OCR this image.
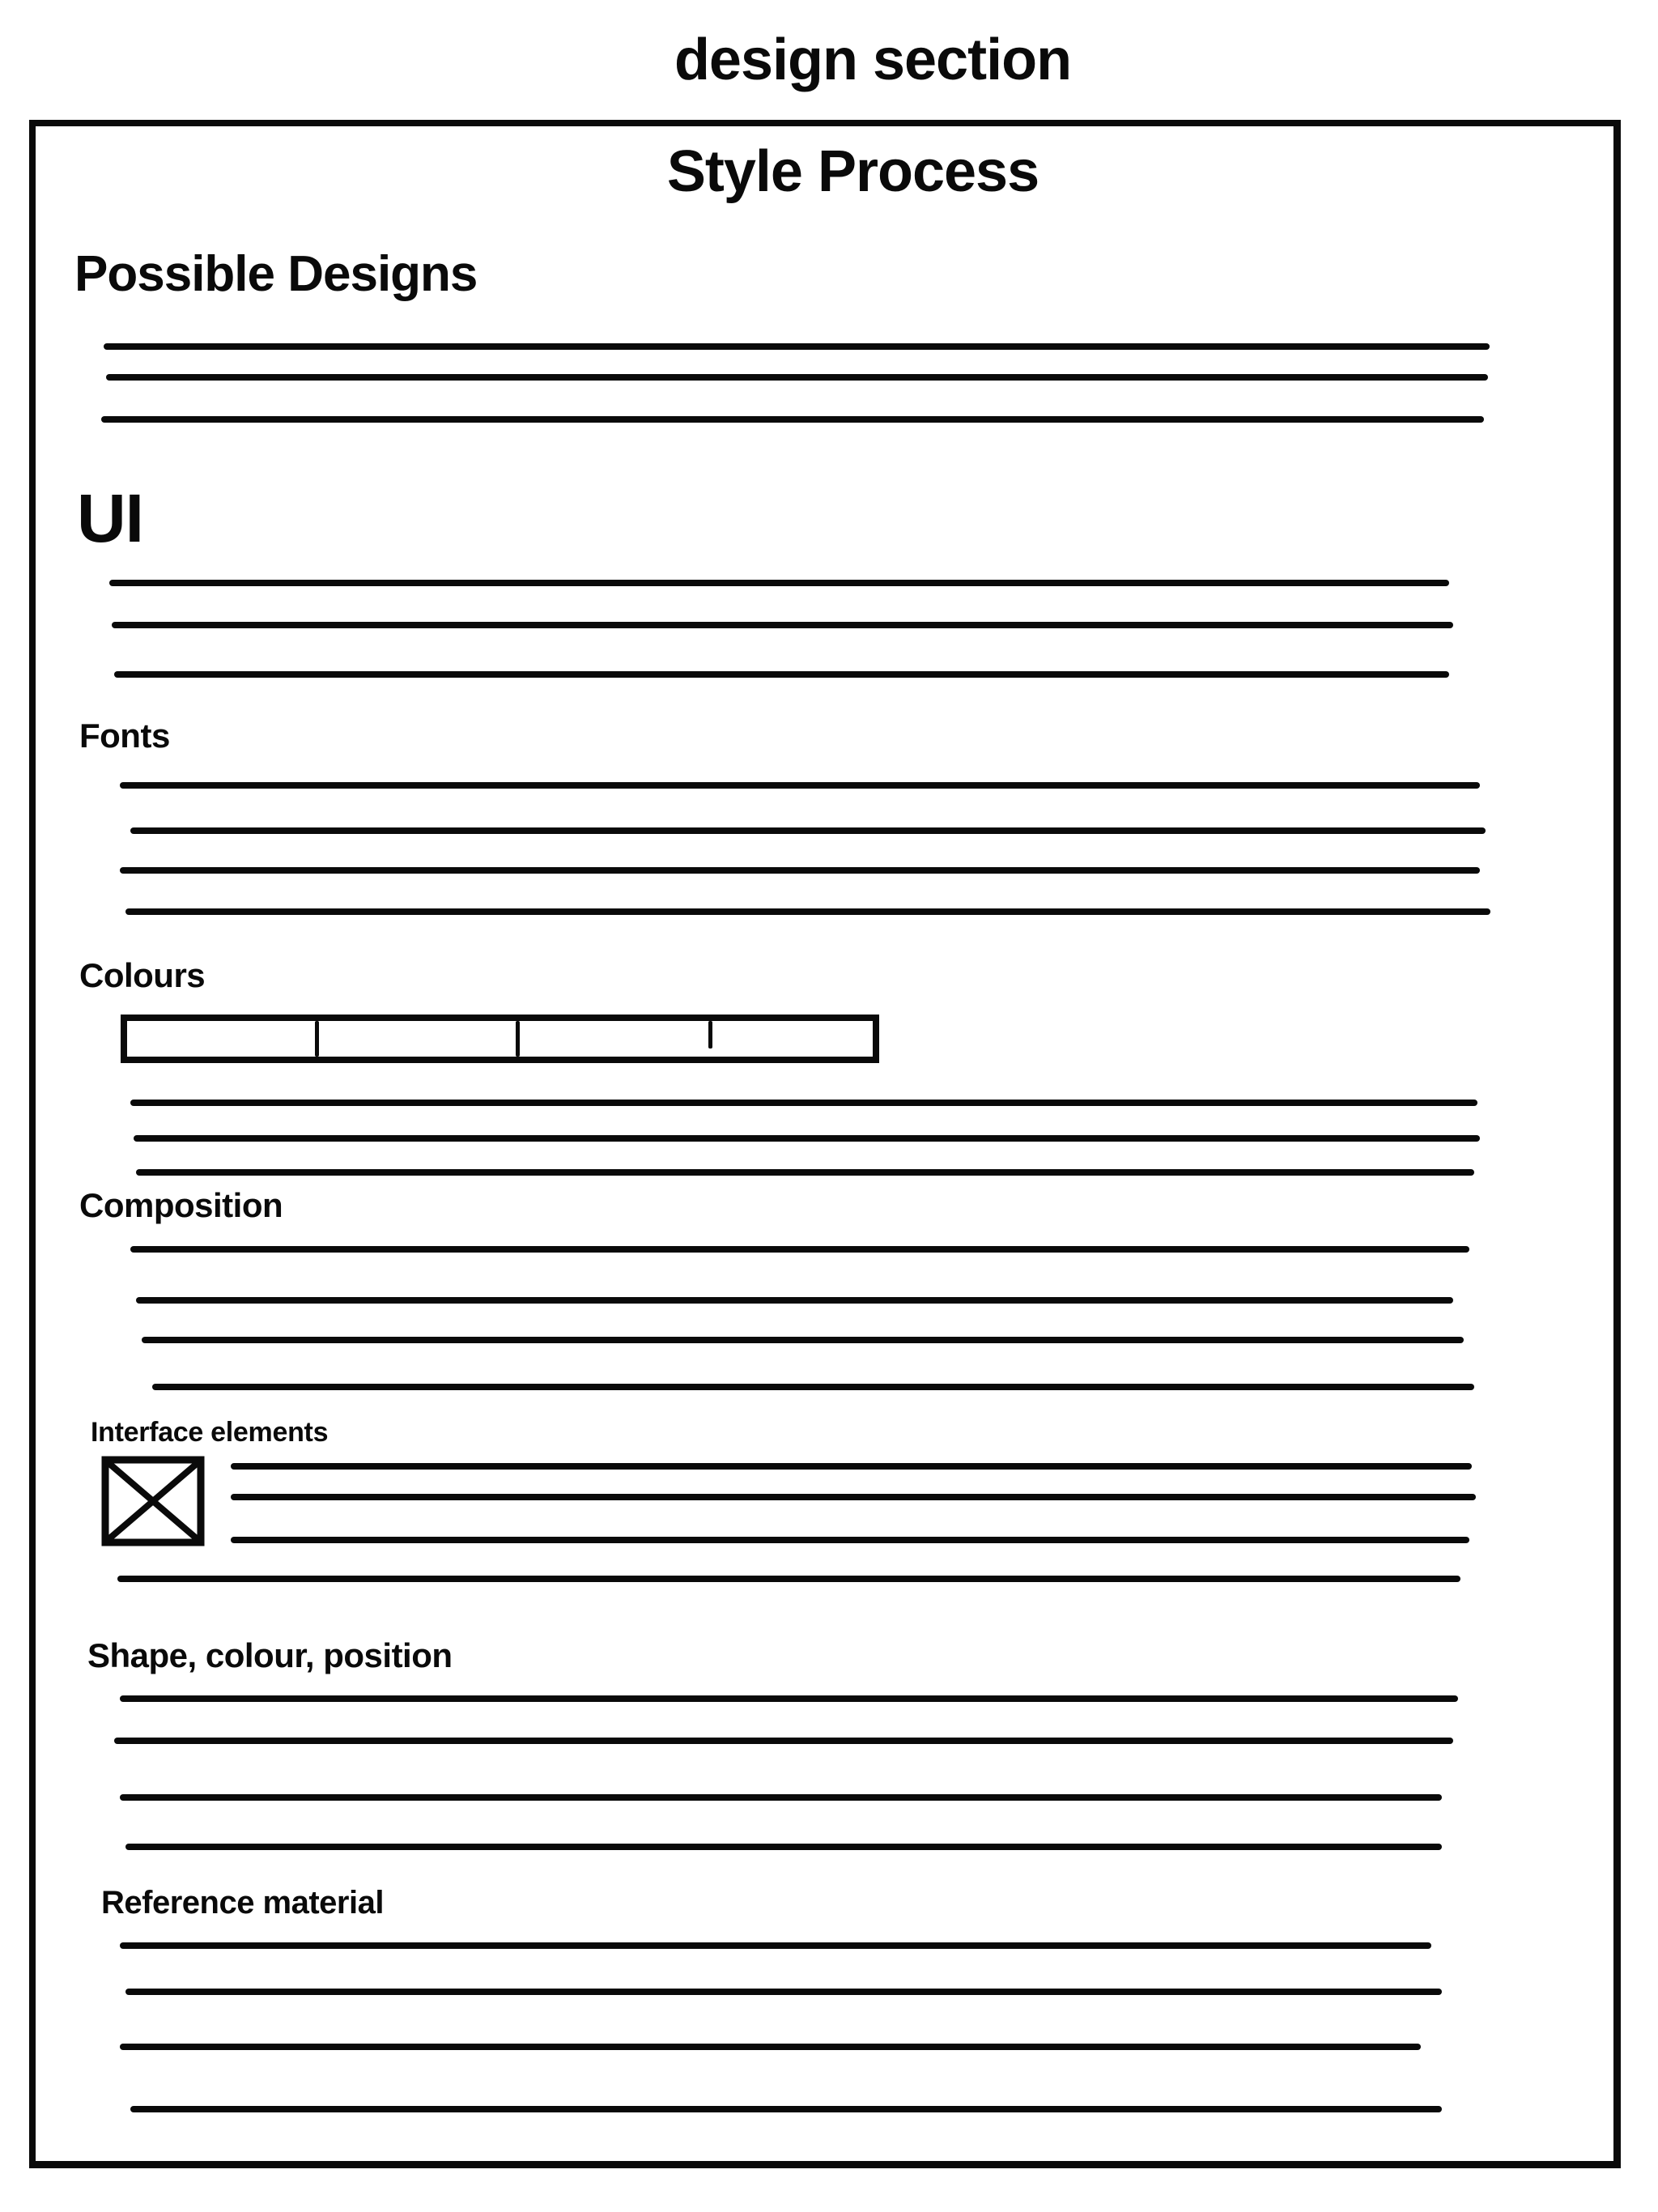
design section
Style Process
Possible Designs
UI
Fonts
Colours
Composition
Interface elements
Shape, colour, position
Reference material
